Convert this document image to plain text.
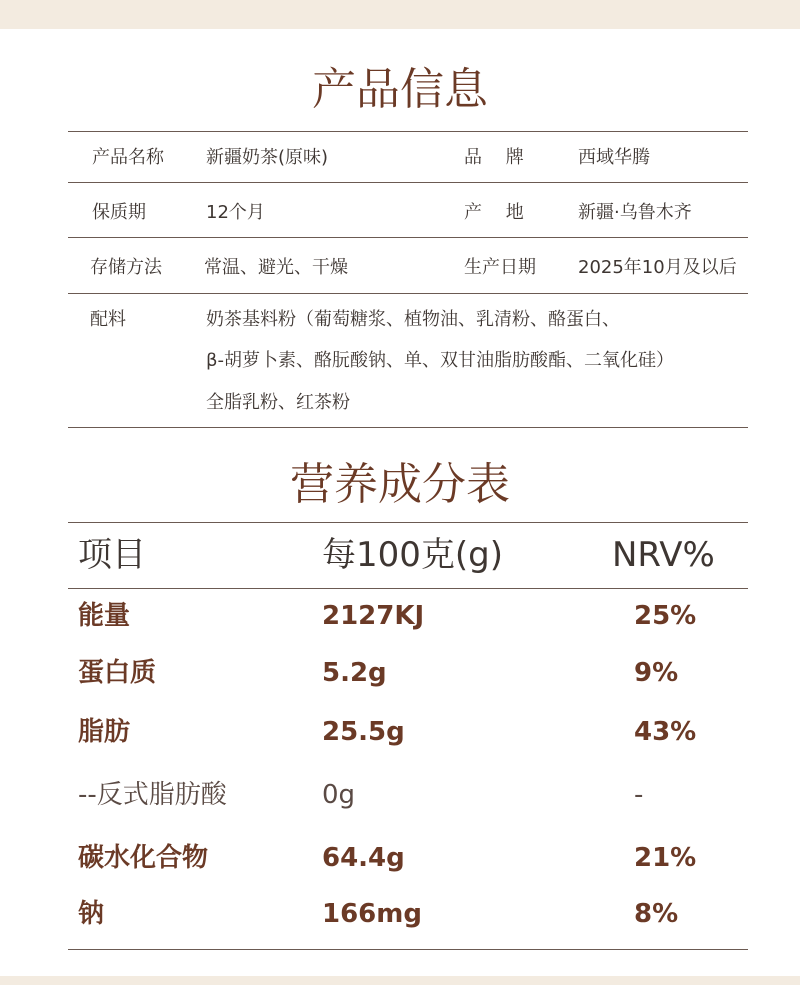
产品信息
产品名称 新疆奶茶(原味)	品　 牌	西域华腾
保质期	12个月	产　 地	新疆·乌鲁木齐
存储方法 常温、避光、干燥	生产日期 2025年10月及以后
配料	奶茶基料粉（葡萄糖浆、植物油、乳清粉、酪蛋白、
β-胡萝卜素、酪朊酸钠、单、双甘油脂肪酸酯、二氧化硅）
全脂乳粉、红茶粉
营养成分表
项目	每100克(g)	NRV%
能量	2127KJ	25%
蛋白质	5.2g	9%
脂肪	25.5g	43%
--反式脂肪酸	0g	-
碳水化合物	64.4g	21%
钠	166mg	8%
